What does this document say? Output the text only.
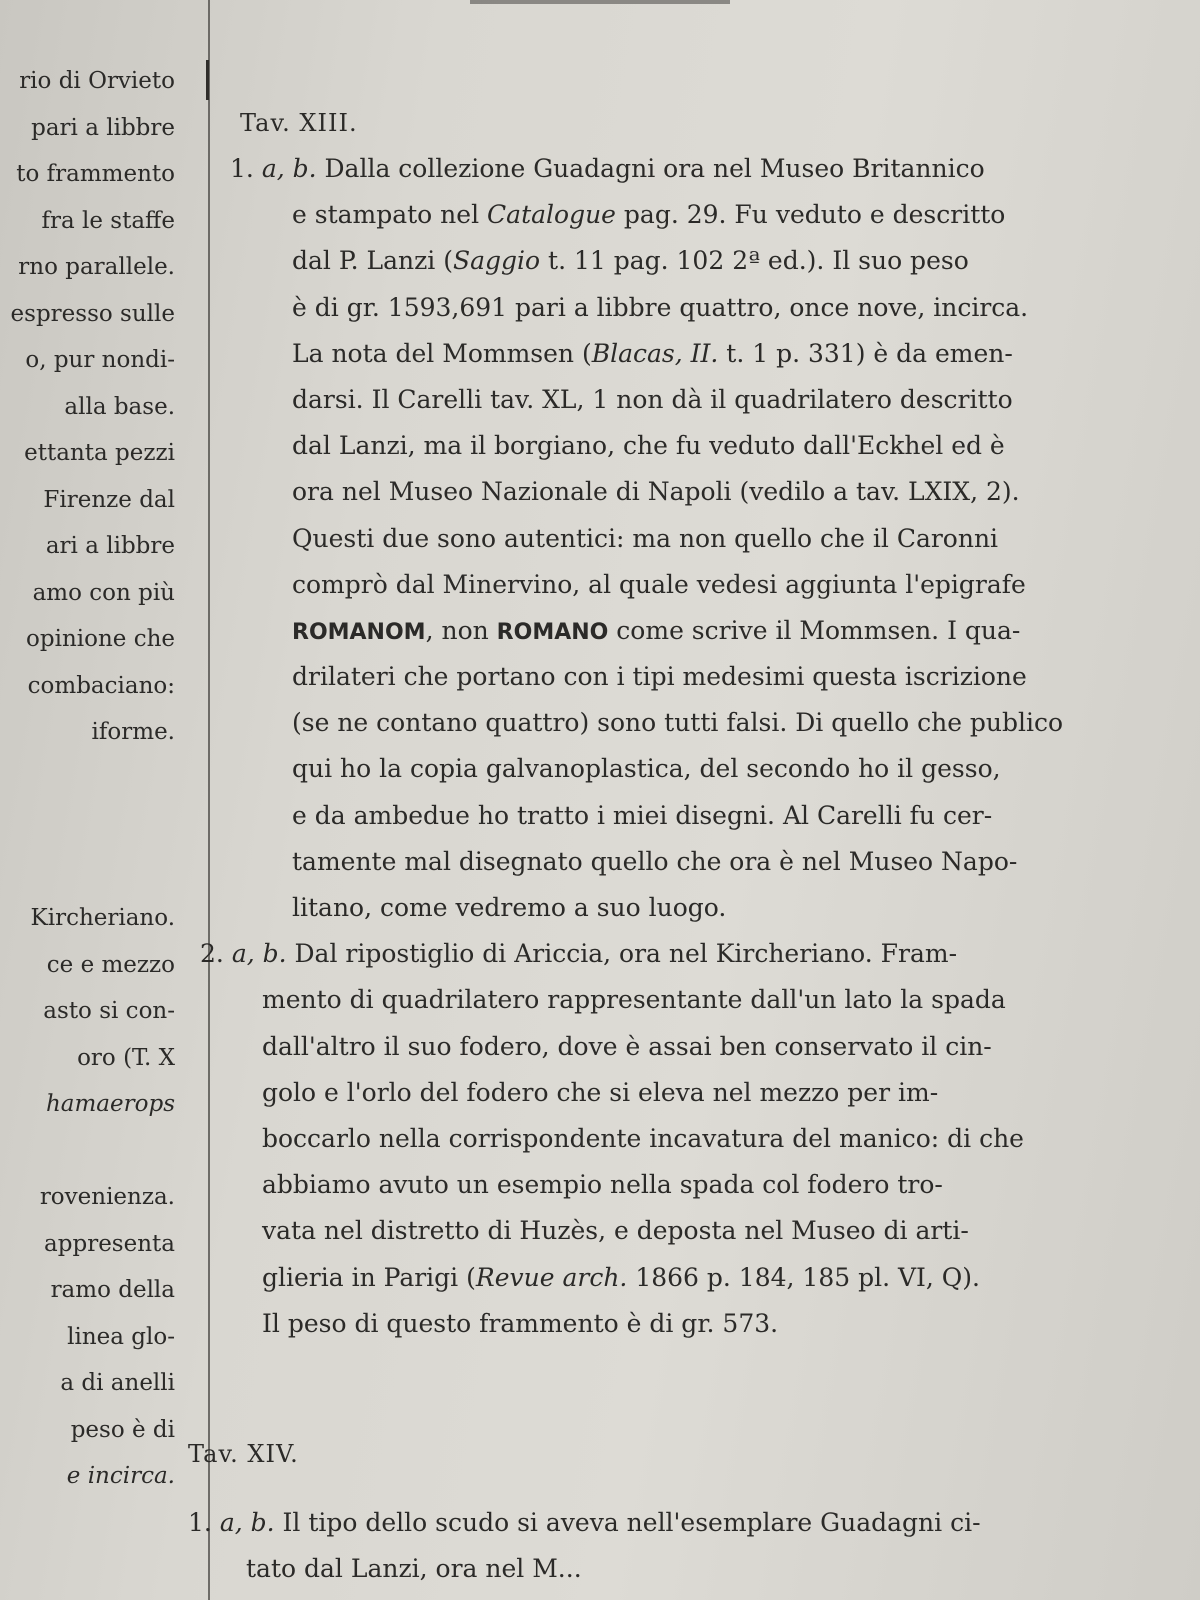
rio di Orvieto
pari a libbre
to frammento
fra le staffe
rno parallele.
espresso sulle
o, pur nondi-
alla base.
ettanta pezzi
Firenze dal
ari a libbre
amo con più
opinione che
combaciano:
iforme.
Kircheriano.
ce e mezzo
asto si con-
oro (T. X
hamaerops
rovenienza.
appresenta
ramo della
linea glo-
a di anelli
peso è di
e incirca.
Tav. XIII.
1. a, b. Dalla collezione Guadagni ora nel Museo Britannico
e stampato nel Catalogue pag. 29. Fu veduto e descritto
dal P. Lanzi (Saggio t. 11 pag. 102 2ª ed.). Il suo peso
è di gr. 1593,691 pari a libbre quattro, once nove, incirca.
La nota del Mommsen (Blacas, II. t. 1 p. 331) è da emen-
darsi. Il Carelli tav. XL, 1 non dà il quadrilatero descritto
dal Lanzi, ma il borgiano, che fu veduto dall'Eckhel ed è
ora nel Museo Nazionale di Napoli (vedilo a tav. LXIX, 2).
Questi due sono autentici: ma non quello che il Caronni
comprò dal Minervino, al quale vedesi aggiunta l'epigrafe
ROMANOM, non ROMANO come scrive il Mommsen. I qua-
drilateri che portano con i tipi medesimi questa iscrizione
(se ne contano quattro) sono tutti falsi. Di quello che publico
qui ho la copia galvanoplastica, del secondo ho il gesso,
e da ambedue ho tratto i miei disegni. Al Carelli fu cer-
tamente mal disegnato quello che ora è nel Museo Napo-
litano, come vedremo a suo luogo.
2. a, b. Dal ripostiglio di Ariccia, ora nel Kircheriano. Fram-
mento di quadrilatero rappresentante dall'un lato la spada
dall'altro il suo fodero, dove è assai ben conservato il cin-
golo e l'orlo del fodero che si eleva nel mezzo per im-
boccarlo nella corrispondente incavatura del manico: di che
abbiamo avuto un esempio nella spada col fodero tro-
vata nel distretto di Huzès, e deposta nel Museo di arti-
glieria in Parigi (Revue arch. 1866 p. 184, 185 pl. VI, Q).
Il peso di questo frammento è di gr. 573.
Tav. XIV.
1. a, b. Il tipo dello scudo si aveva nell'esemplare Guadagni ci-
tato dal Lanzi, ora nel M...
